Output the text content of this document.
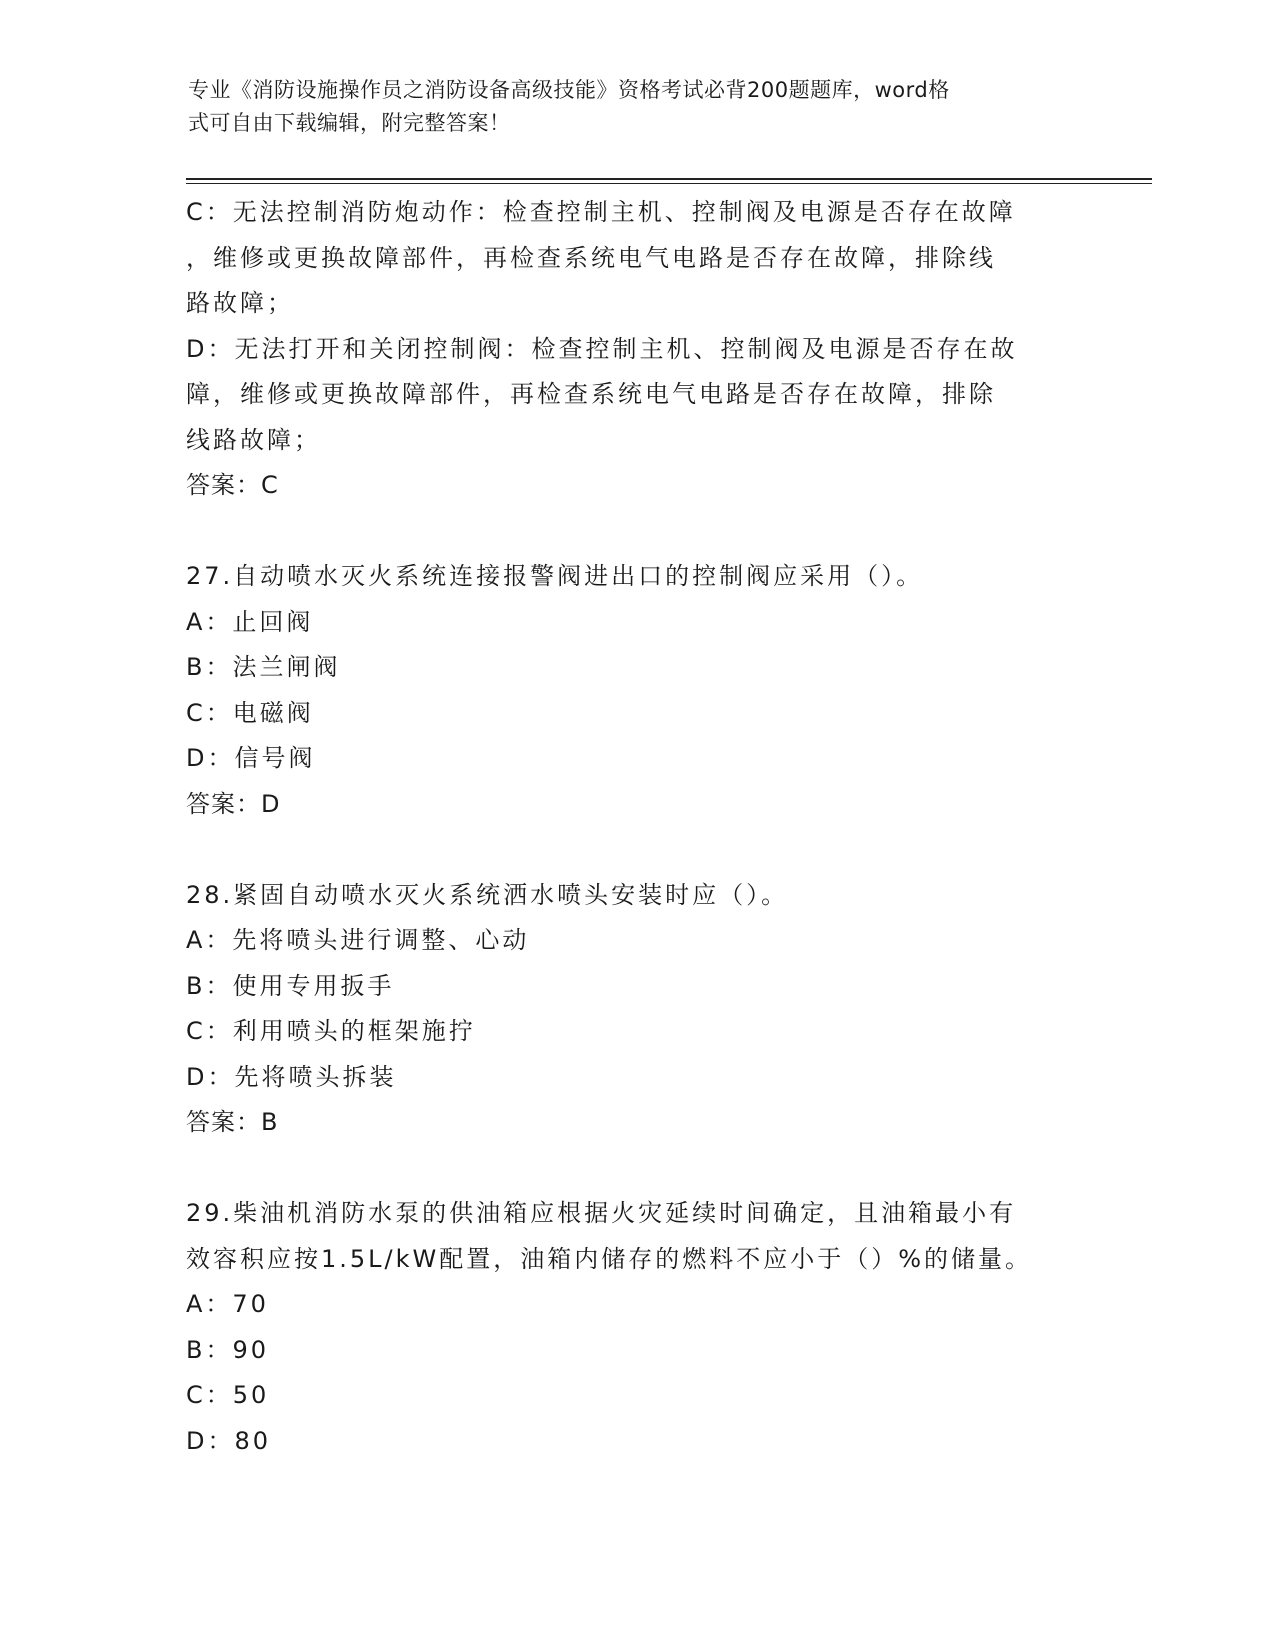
专业《消防设施操作员之消防设备高级技能》资格考试必背200题题库，word格
式可自由下载编辑，附完整答案！
C：无法控制消防炮动作：检查控制主机、控制阀及电源是否存在故障
，维修或更换故障部件，再检查系统电气电路是否存在故障，排除线
路故障；
D：无法打开和关闭控制阀：检查控制主机、控制阀及电源是否存在故
障，维修或更换故障部件，再检查系统电气电路是否存在故障，排除
线路故障；
答案：C
27.自动喷水灭火系统连接报警阀进出口的控制阀应采用（）。
A：止回阀
B：法兰闸阀
C：电磁阀
D：信号阀
答案：D
28.紧固自动喷水灭火系统洒水喷头安装时应（）。
A：先将喷头进行调整、心动
B：使用专用扳手
C：利用喷头的框架施拧
D：先将喷头拆装
答案：B
29.柴油机消防水泵的供油箱应根据火灾延续时间确定，且油箱最小有
效容积应按1.5L/kW配置，油箱内储存的燃料不应小于（）%的储量。
A：70
B：90
C：50
D：80
